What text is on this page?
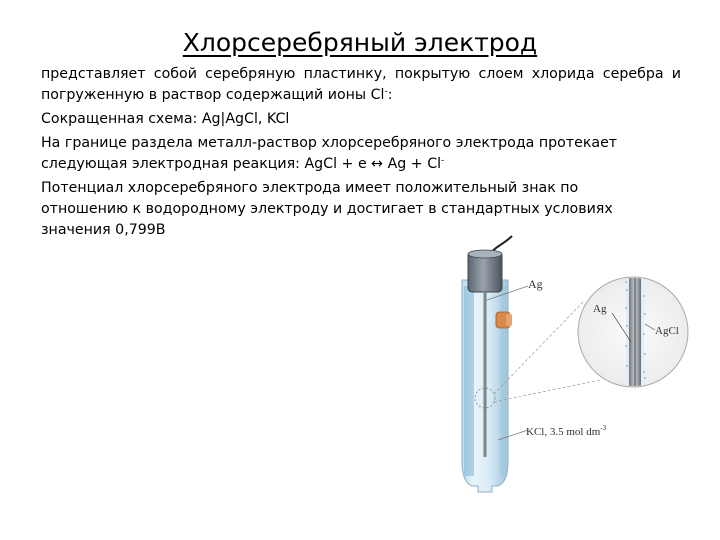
Хлорсеребряный электрод

представляет собой серебряную пластинку, покрытую слоем хлорида серебра и погруженную в раствор содержащий ионы Cl-:

Сокращенная схема: Ag|AgCl, KCl

На границе раздела металл-раствор хлорсеребряного электрода протекает
следующая электродная реакция: AgCl + e ↔ Ag + Cl-

Потенциал хлорсеребряного электрода имеет положительный знак по отношению к водородному электроду и достигает в стандартных условиях значения 0,799В

Ag
Ag
AgCl
KCl, 3.5 mol $dm^{-3}$
